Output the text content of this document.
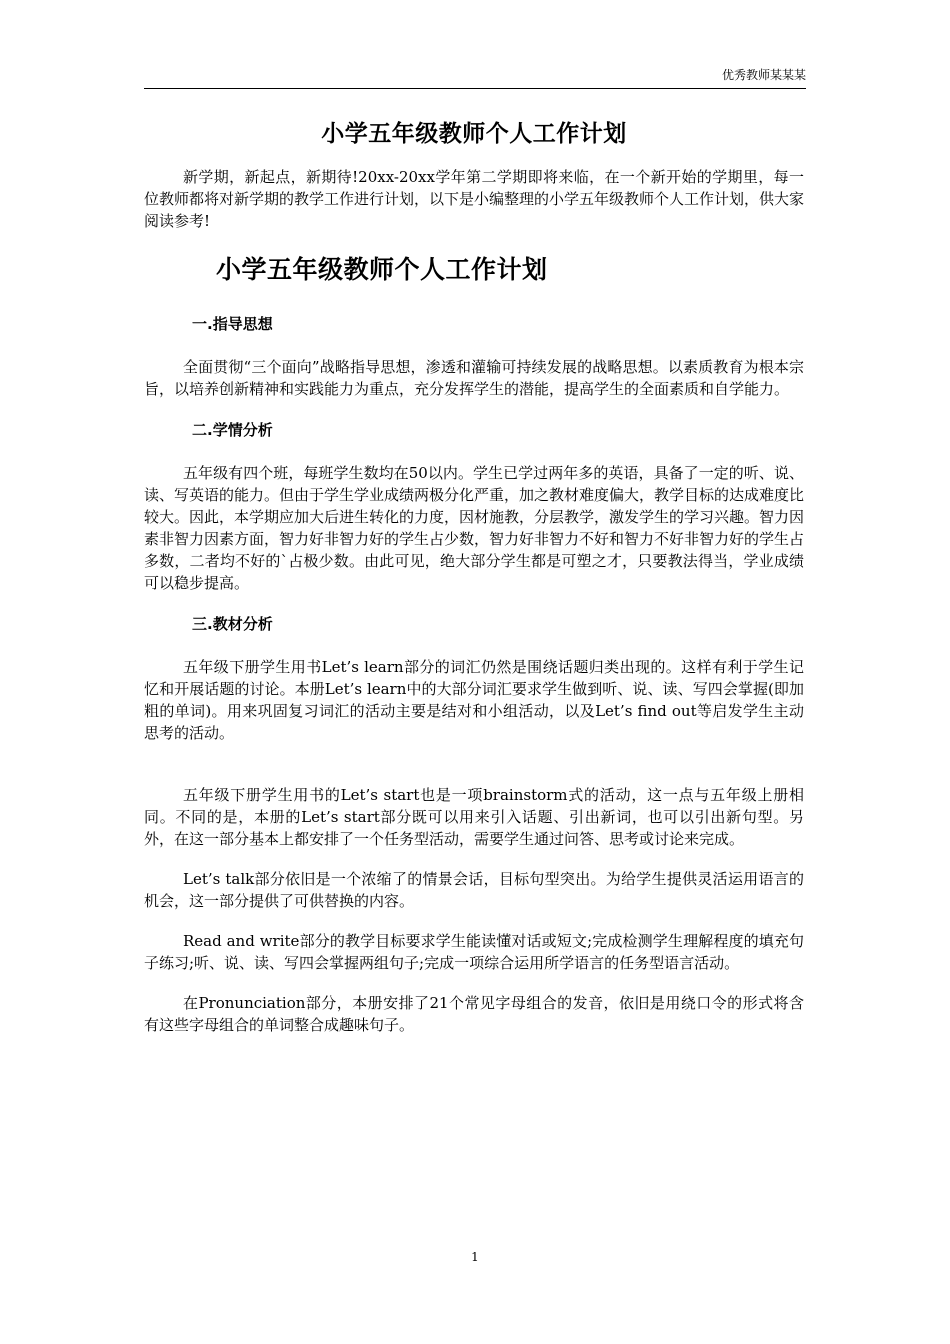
优秀教师某某某
小学五年级教师个人工作计划

新学期，新起点，新期待!20xx-20xx学年第二学期即将来临，在一个新开始的学期里，每一位教师都将对新学期的教学工作进行计划，以下是小编整理的小学五年级教师个人工作计划，供大家阅读参考!

小学五年级教师个人工作计划
一.指导思想

全面贯彻“三个面向”战略指导思想，渗透和灌输可持续发展的战略思想。以素质教育为根本宗旨，以培养创新精神和实践能力为重点，充分发挥学生的潜能，提高学生的全面素质和自学能力。

二.学情分析

五年级有四个班，每班学生数均在50以内。学生已学过两年多的英语，具备了一定的听、说、读、写英语的能力。但由于学生学业成绩两极分化严重，加之教材难度偏大，教学目标的达成难度比较大。因此，本学期应加大后进生转化的力度，因材施教，分层教学，激发学生的学习兴趣。智力因素非智力因素方面，智力好非智力好的学生占少数，智力好非智力不好和智力不好非智力好的学生占多数，二者均不好的`占极少数。由此可见，绝大部分学生都是可塑之才，只要教法得当，学业成绩可以稳步提高。

三.教材分析

五年级下册学生用书Let’s learn部分的词汇仍然是围绕话题归类出现的。这样有利于学生记忆和开展话题的讨论。本册Let’s learn中的大部分词汇要求学生做到听、说、读、写四会掌握(即加粗的单词)。用来巩固复习词汇的活动主要是结对和小组活动，以及Let’s find out等启发学生主动思考的活动。

五年级下册学生用书的Let’s start也是一项brainstorm式的活动，这一点与五年级上册相同。不同的是，本册的Let’s start部分既可以用来引入话题、引出新词，也可以引出新句型。另外，在这一部分基本上都安排了一个任务型活动，需要学生通过问答、思考或讨论来完成。

Let’s talk部分依旧是一个浓缩了的情景会话，目标句型突出。为给学生提供灵活运用语言的机会，这一部分提供了可供替换的内容。

Read and write部分的教学目标要求学生能读懂对话或短文;完成检测学生理解程度的填充句子练习;听、说、读、写四会掌握两组句子;完成一项综合运用所学语言的任务型语言活动。

在Pronunciation部分，本册安排了21个常见字母组合的发音，依旧是用绕口令的形式将含有这些字母组合的单词整合成趣味句子。

1
